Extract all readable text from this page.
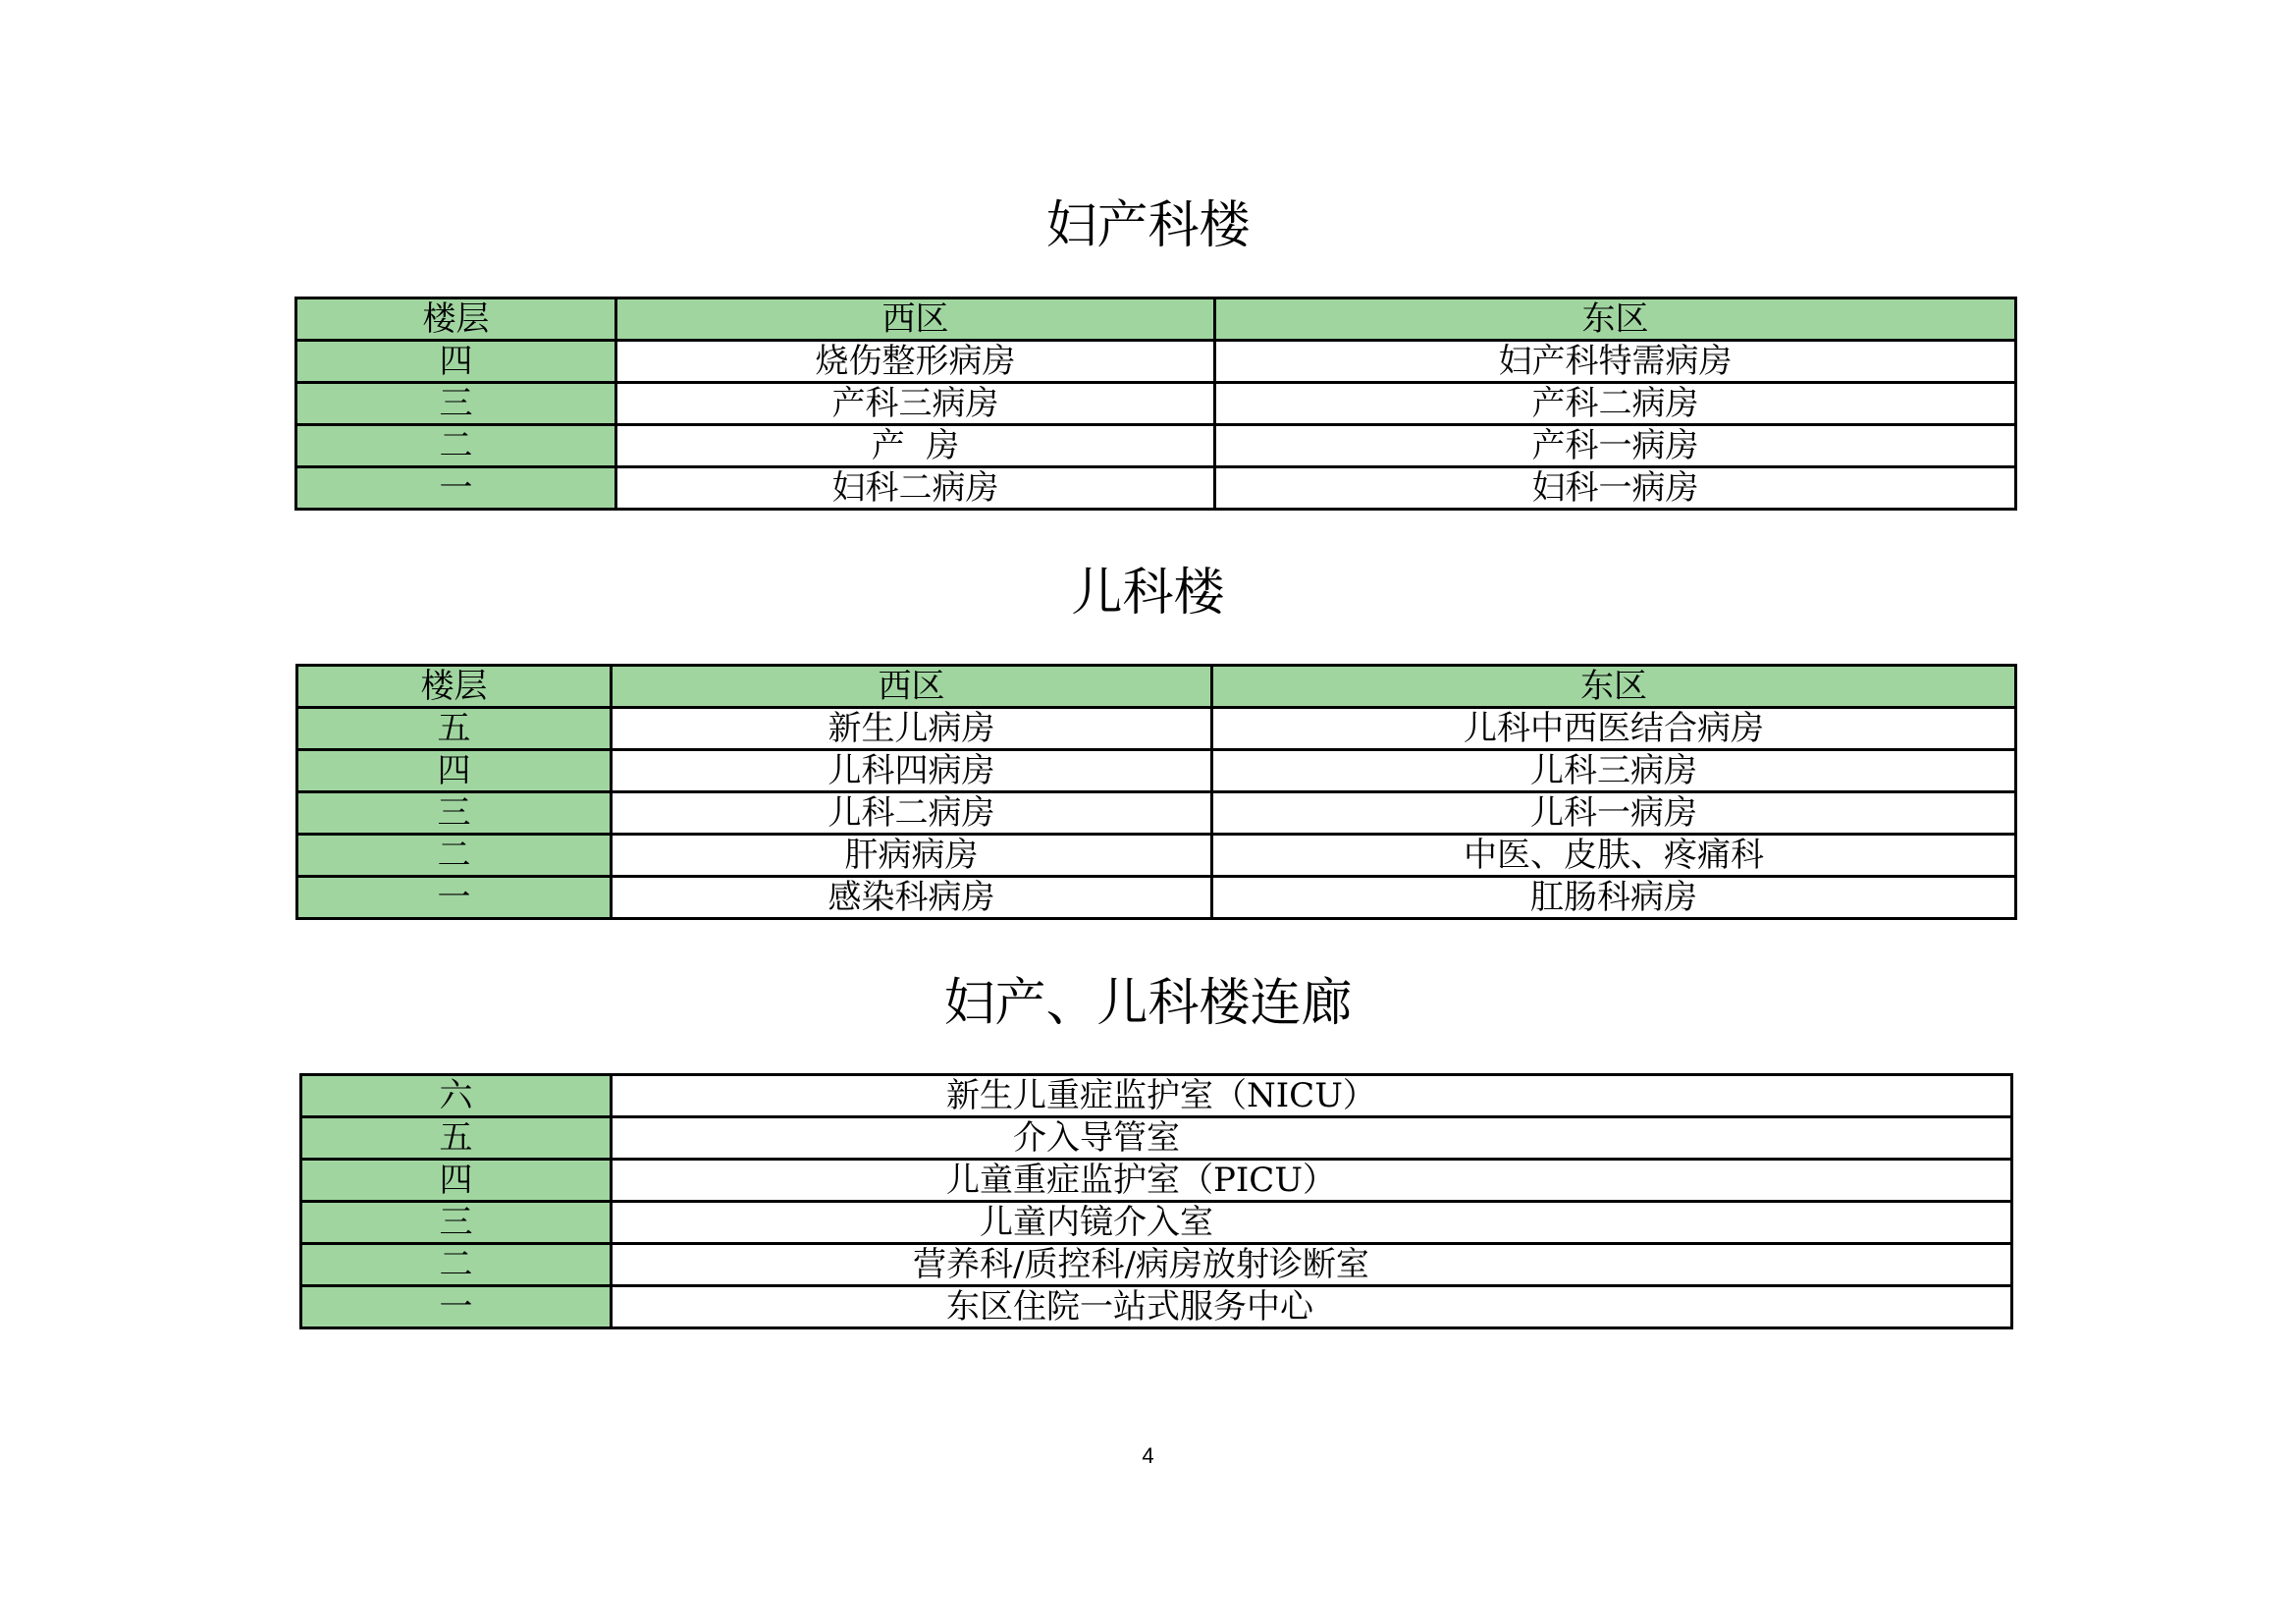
妇产科楼
楼层	西区	东区
四	烧伤整形病房	妇产科特需病房
三	产科三病房	产科二病房
二	产  房	产科一病房
一	妇科二病房	妇科一病房
儿科楼
楼层	西区	东区
五	新生儿病房	儿科中西医结合病房
四	儿科四病房	儿科三病房
三	儿科二病房	儿科一病房
二	肝病病房	中医、皮肤、疼痛科
一	感染科病房	肛肠科病房
妇产、儿科楼连廊
六	新生儿重症监护室（NICU）
五	介入导管室
四	儿童重症监护室（PICU）
三	儿童内镜介入室
二	营养科/质控科/病房放射诊断室
一	东区住院一站式服务中心
4
